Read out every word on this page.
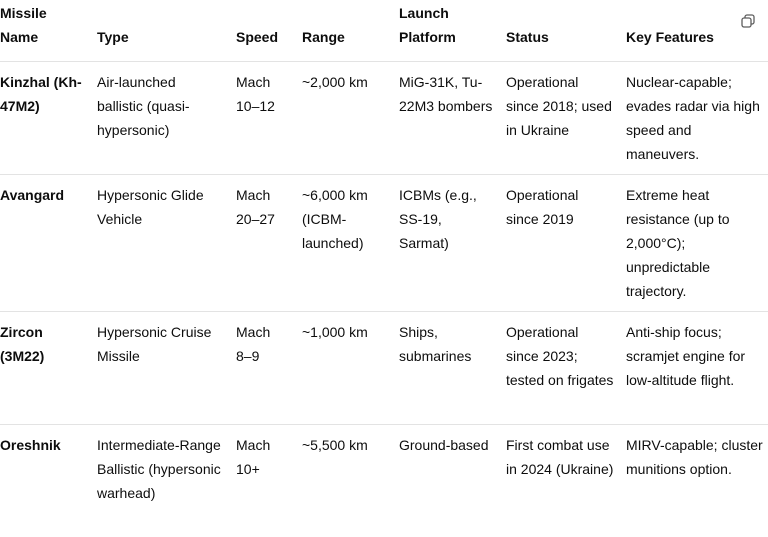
Missile Name	Type	Speed	Range	Launch Platform	Status	Key Features

Kinzhal (Kh-47M2)	Air-launched ballistic (quasi-hypersonic)	Mach 10–12	~2,000 km	MiG-31K, Tu-22M3 bombers	Operational since 2018; used in Ukraine	Nuclear-capable; evades radar via high speed and maneuvers.

Avangard	Hypersonic Glide Vehicle	Mach 20–27	~6,000 km (ICBM-launched)	ICBMs (e.g., SS-19, Sarmat)	Operational since 2019	Extreme heat resistance (up to 2,000°C); unpredictable trajectory.

Zircon (3M22)	Hypersonic Cruise Missile	Mach 8–9	~1,000 km	Ships, submarines	Operational since 2023; tested on frigates	Anti-ship focus; scramjet engine for low-altitude flight.

Oreshnik	Intermediate-Range Ballistic (hypersonic warhead)	Mach 10+	~5,500 km	Ground-based	First combat use in 2024 (Ukraine)	MIRV-capable; cluster munitions option.
